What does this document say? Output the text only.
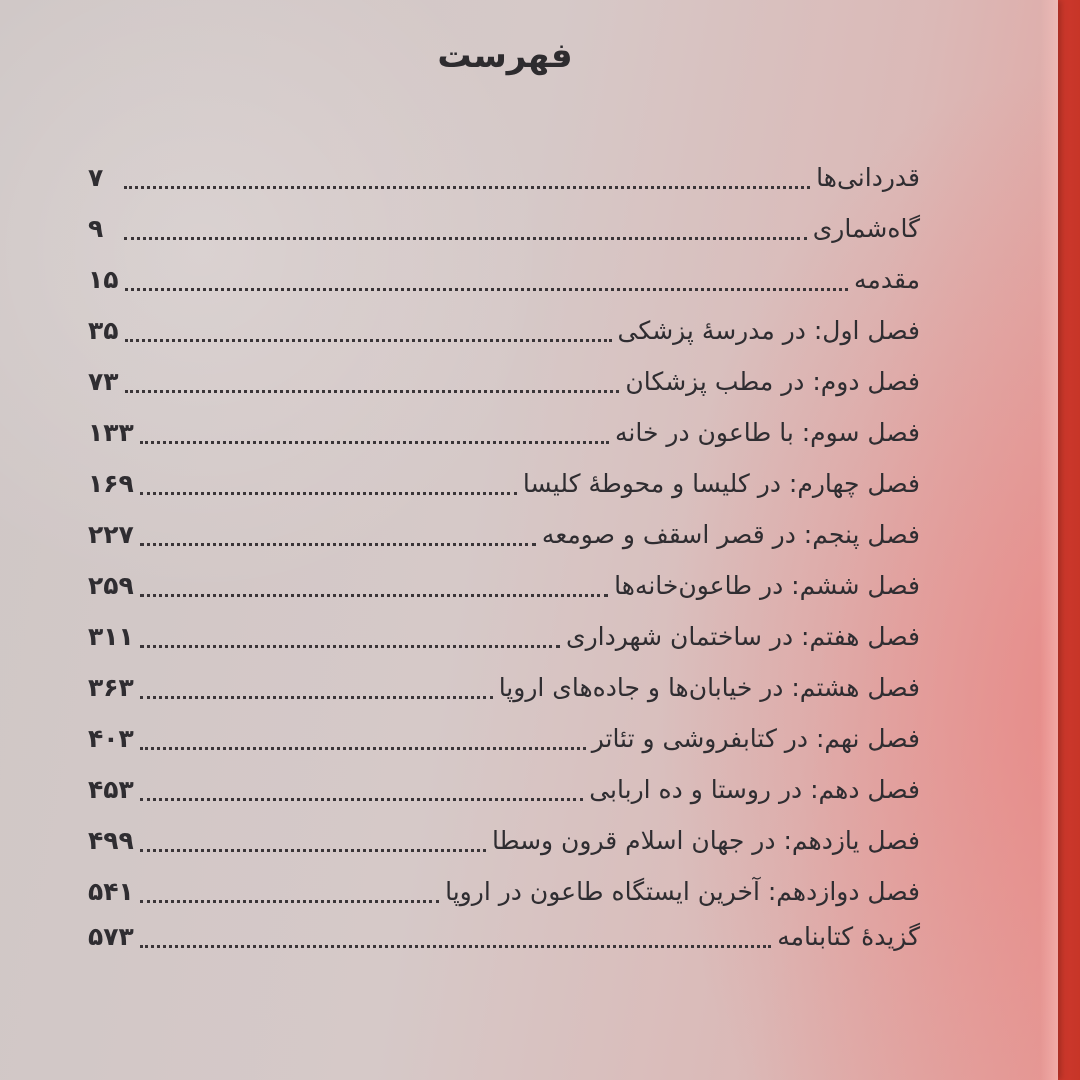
فهرست
قدردانی‌ها
۷
گاه‌شماری
۹
مقدمه
۱۵
فصل اول: در مدرسهٔ پزشکی
۳۵
فصل دوم: در مطب پزشکان
۷۳
فصل سوم: با طاعون در خانه
۱۳۳
فصل چهارم: در کلیسا و محوطهٔ کلیسا
۱۶۹
فصل پنجم: در قصر اسقف و صومعه
۲۲۷
فصل ششم: در طاعون‌خانه‌ها
۲۵۹
فصل هفتم: در ساختمان شهرداری
۳۱۱
فصل هشتم: در خیابان‌ها و جاده‌های اروپا
۳۶۳
فصل نهم: در کتابفروشی و تئاتر
۴۰۳
فصل دهم: در روستا و ده اربابی
۴۵۳
فصل یازدهم: در جهان اسلام قرون وسطا
۴۹۹
فصل دوازدهم: آخرین ایستگاه طاعون در اروپا
۵۴۱
گزیدهٔ کتابنامه
۵۷۳
